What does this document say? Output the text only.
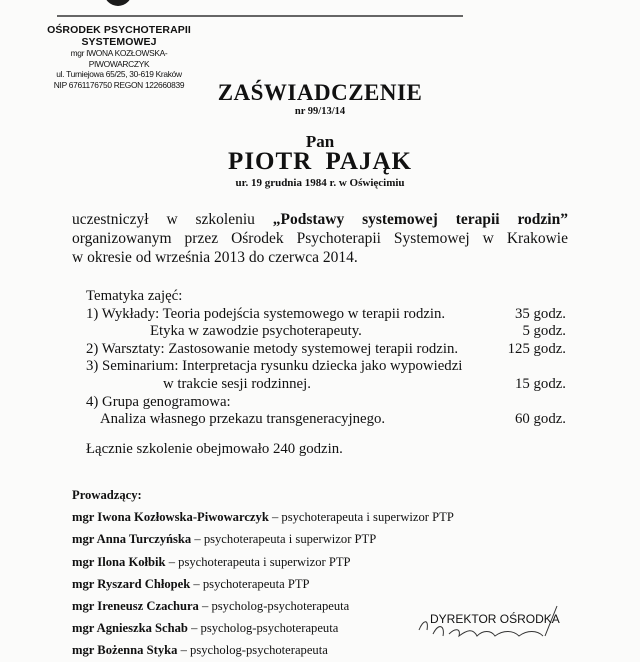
OŚRODEK PSYCHOTERAPII
SYSTEMOWEJ
mgr IWONA KOZŁOWSKA-PIWOWARCZYK
ul. Turniejowa 65/25, 30-619 Kraków
NIP 6761176750 REGON 122660839	ZAŚWIADCZENIE
nr 99/13/14
Pan
PIOTR PAJĄK
ur. 19 grudnia 1984 r. w Oświęcimiu
uczestniczył w szkoleniu „Podstawy systemowej terapii rodzin”
organizowanym przez Ośrodek Psychoterapii Systemowej w Krakowie
w okresie od września 2013 do czerwca 2014.
Tematyka zajęć:
1) Wykłady: Teoria podejścia systemowego w terapii rodzin.	35 godz.
Etyka w zawodzie psychoterapeuty.	5 godz.
2) Warsztaty: Zastosowanie metody systemowej terapii rodzin.	125 godz.
3) Seminarium: Interpretacja rysunku dziecka jako wypowiedzi
w trakcie sesji rodzinnej.	15 godz.
4) Grupa genogramowa:
Analiza własnego przekazu transgeneracyjnego.	60 godz.
Łącznie szkolenie obejmowało 240 godzin.
Prowadzący:
mgr Iwona Kozłowska-Piwowarczyk – psychoterapeuta i superwizor PTP
mgr Anna Turczyńska – psychoterapeuta i superwizor PTP
mgr Ilona Kołbik – psychoterapeuta i superwizor PTP
mgr Ryszard Chłopek – psychoterapeuta PTP
mgr Ireneusz Czachura – psycholog-psychoterapeuta
mgr Agnieszka Schab – psycholog-psychoterapeuta
mgr Bożenna Styka – psycholog-psychoterapeuta
DYREKTOR OŚRODKA
